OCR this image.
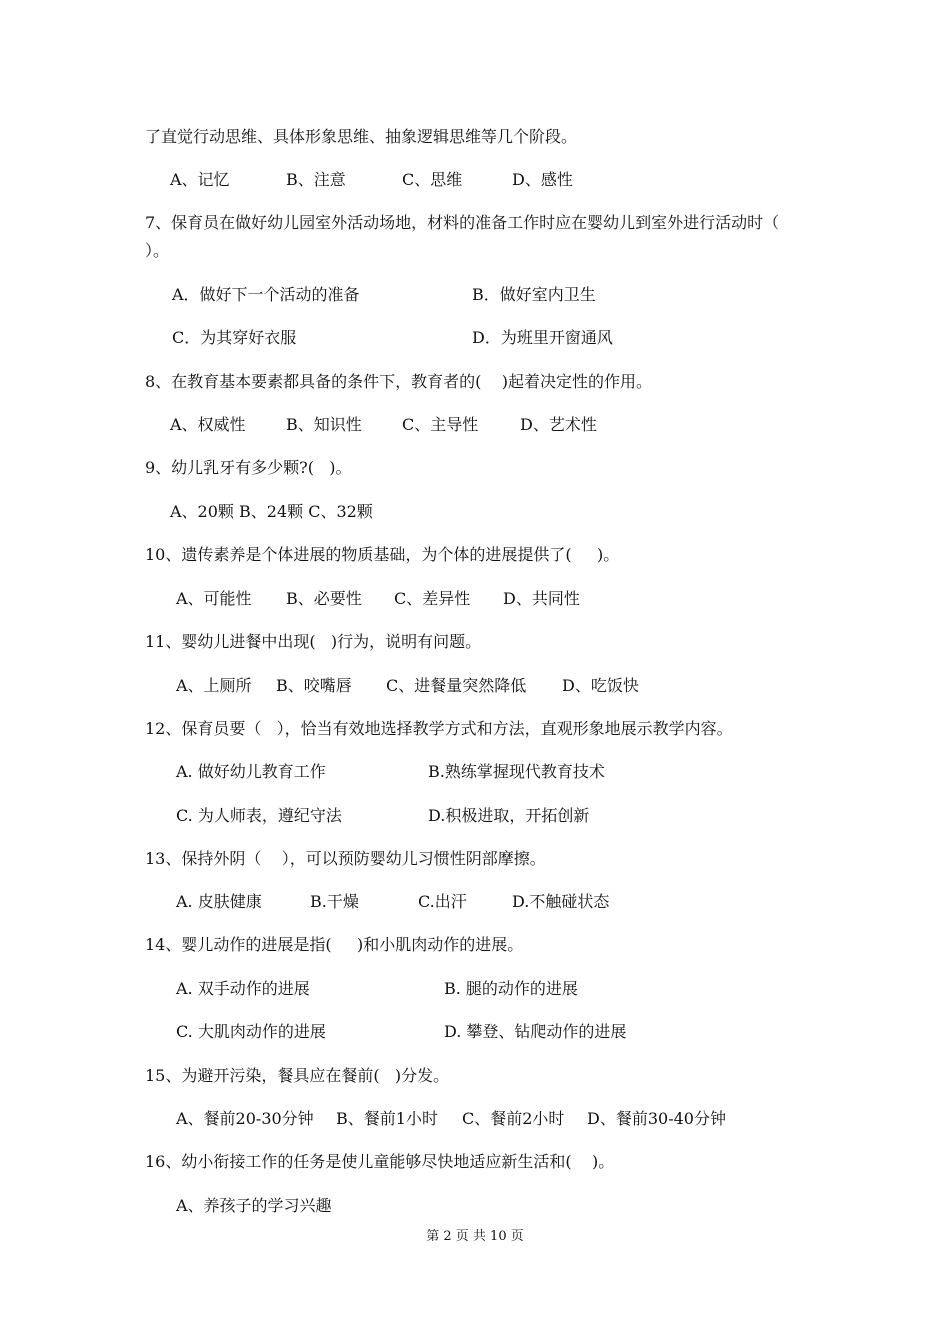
了直觉行动思维、具体形象思维、抽象逻辑思维等几个阶段。
A、记忆	B、注意	C、思维	D、感性
7、保育员在做好幼儿园室外活动场地，材料的准备工作时应在婴幼儿到室外进行活动时（
）。
A．做好下一个活动的准备	B．做好室内卫生
C．为其穿好衣服	D．为班里开窗通风
8、在教育基本要素都具备的条件下，教育者的(    )起着决定性的作用。
A、权威性	B、知识性	C、主导性	D、艺术性
9、幼儿乳牙有多少颗?(   )。
A、20颗 B、24颗 C、32颗
10、遗传素养是个体进展的物质基础，为个体的进展提供了(     )。
A、可能性 B、必要性 C、差异性 D、共同性
11、婴幼儿进餐中出现(   )行为，说明有问题。
A、上厕所 B、咬嘴唇 C、进餐量突然降低 D、吃饭快
12、保育员要（   ），恰当有效地选择教学方式和方法，直观形象地展示教学内容。
A. 做好幼儿教育工作	B.熟练掌握现代教育技术
C. 为人师表，遵纪守法	D.积极进取，开拓创新
13、保持外阴（    ），可以预防婴幼儿习惯性阴部摩擦。
A. 皮肤健康	B.干燥	C.出汗	D.不触碰状态
14、婴儿动作的进展是指(     )和小肌肉动作的进展。
A. 双手动作的进展	B. 腿的动作的进展
C. 大肌肉动作的进展	D. 攀登、钻爬动作的进展
15、为避开污染，餐具应在餐前(   )分发。
A、餐前20-30分钟 B、餐前1小时 C、餐前2小时 D、餐前30-40分钟
16、幼小衔接工作的任务是使儿童能够尽快地适应新生活和(    )。
A、养孩子的学习兴趣
第 2 页 共 10 页
